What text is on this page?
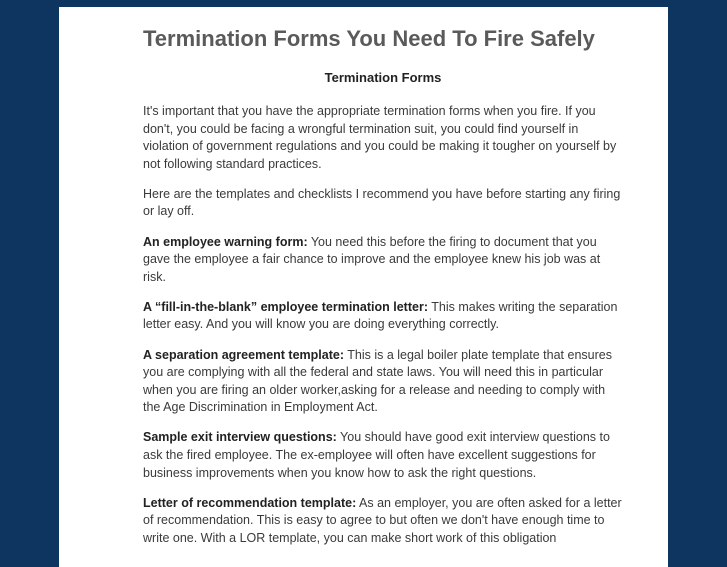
Termination Forms You Need To Fire Safely
Termination Forms

It's important that you have the appropriate termination forms when you fire. If you don't, you could be facing a wrongful termination suit, you could find yourself in violation of government regulations and you could be making it tougher on yourself by not following standard practices.

Here are the templates and checklists I recommend you have before starting any firing or lay off.

An employee warning form: You need this before the firing to document that you gave the employee a fair chance to improve and the employee knew his job was at risk.

A “fill-in-the-blank” employee termination letter: This makes writing the separation letter easy. And you will know you are doing everything correctly.

A separation agreement template: This is a legal boiler plate template that ensures you are complying with all the federal and state laws. You will need this in particular when you are firing an older worker,asking for a release and needing to comply with the Age Discrimination in Employment Act.

Sample exit interview questions: You should have good exit interview questions to ask the fired employee. The ex-employee will often have excellent suggestions for business improvements when you know how to ask the right questions.

Letter of recommendation template: As an employer, you are often asked for a letter of recommendation. This is easy to agree to but often we don't have enough time to write one. With a LOR template, you can make short work of this obligation
